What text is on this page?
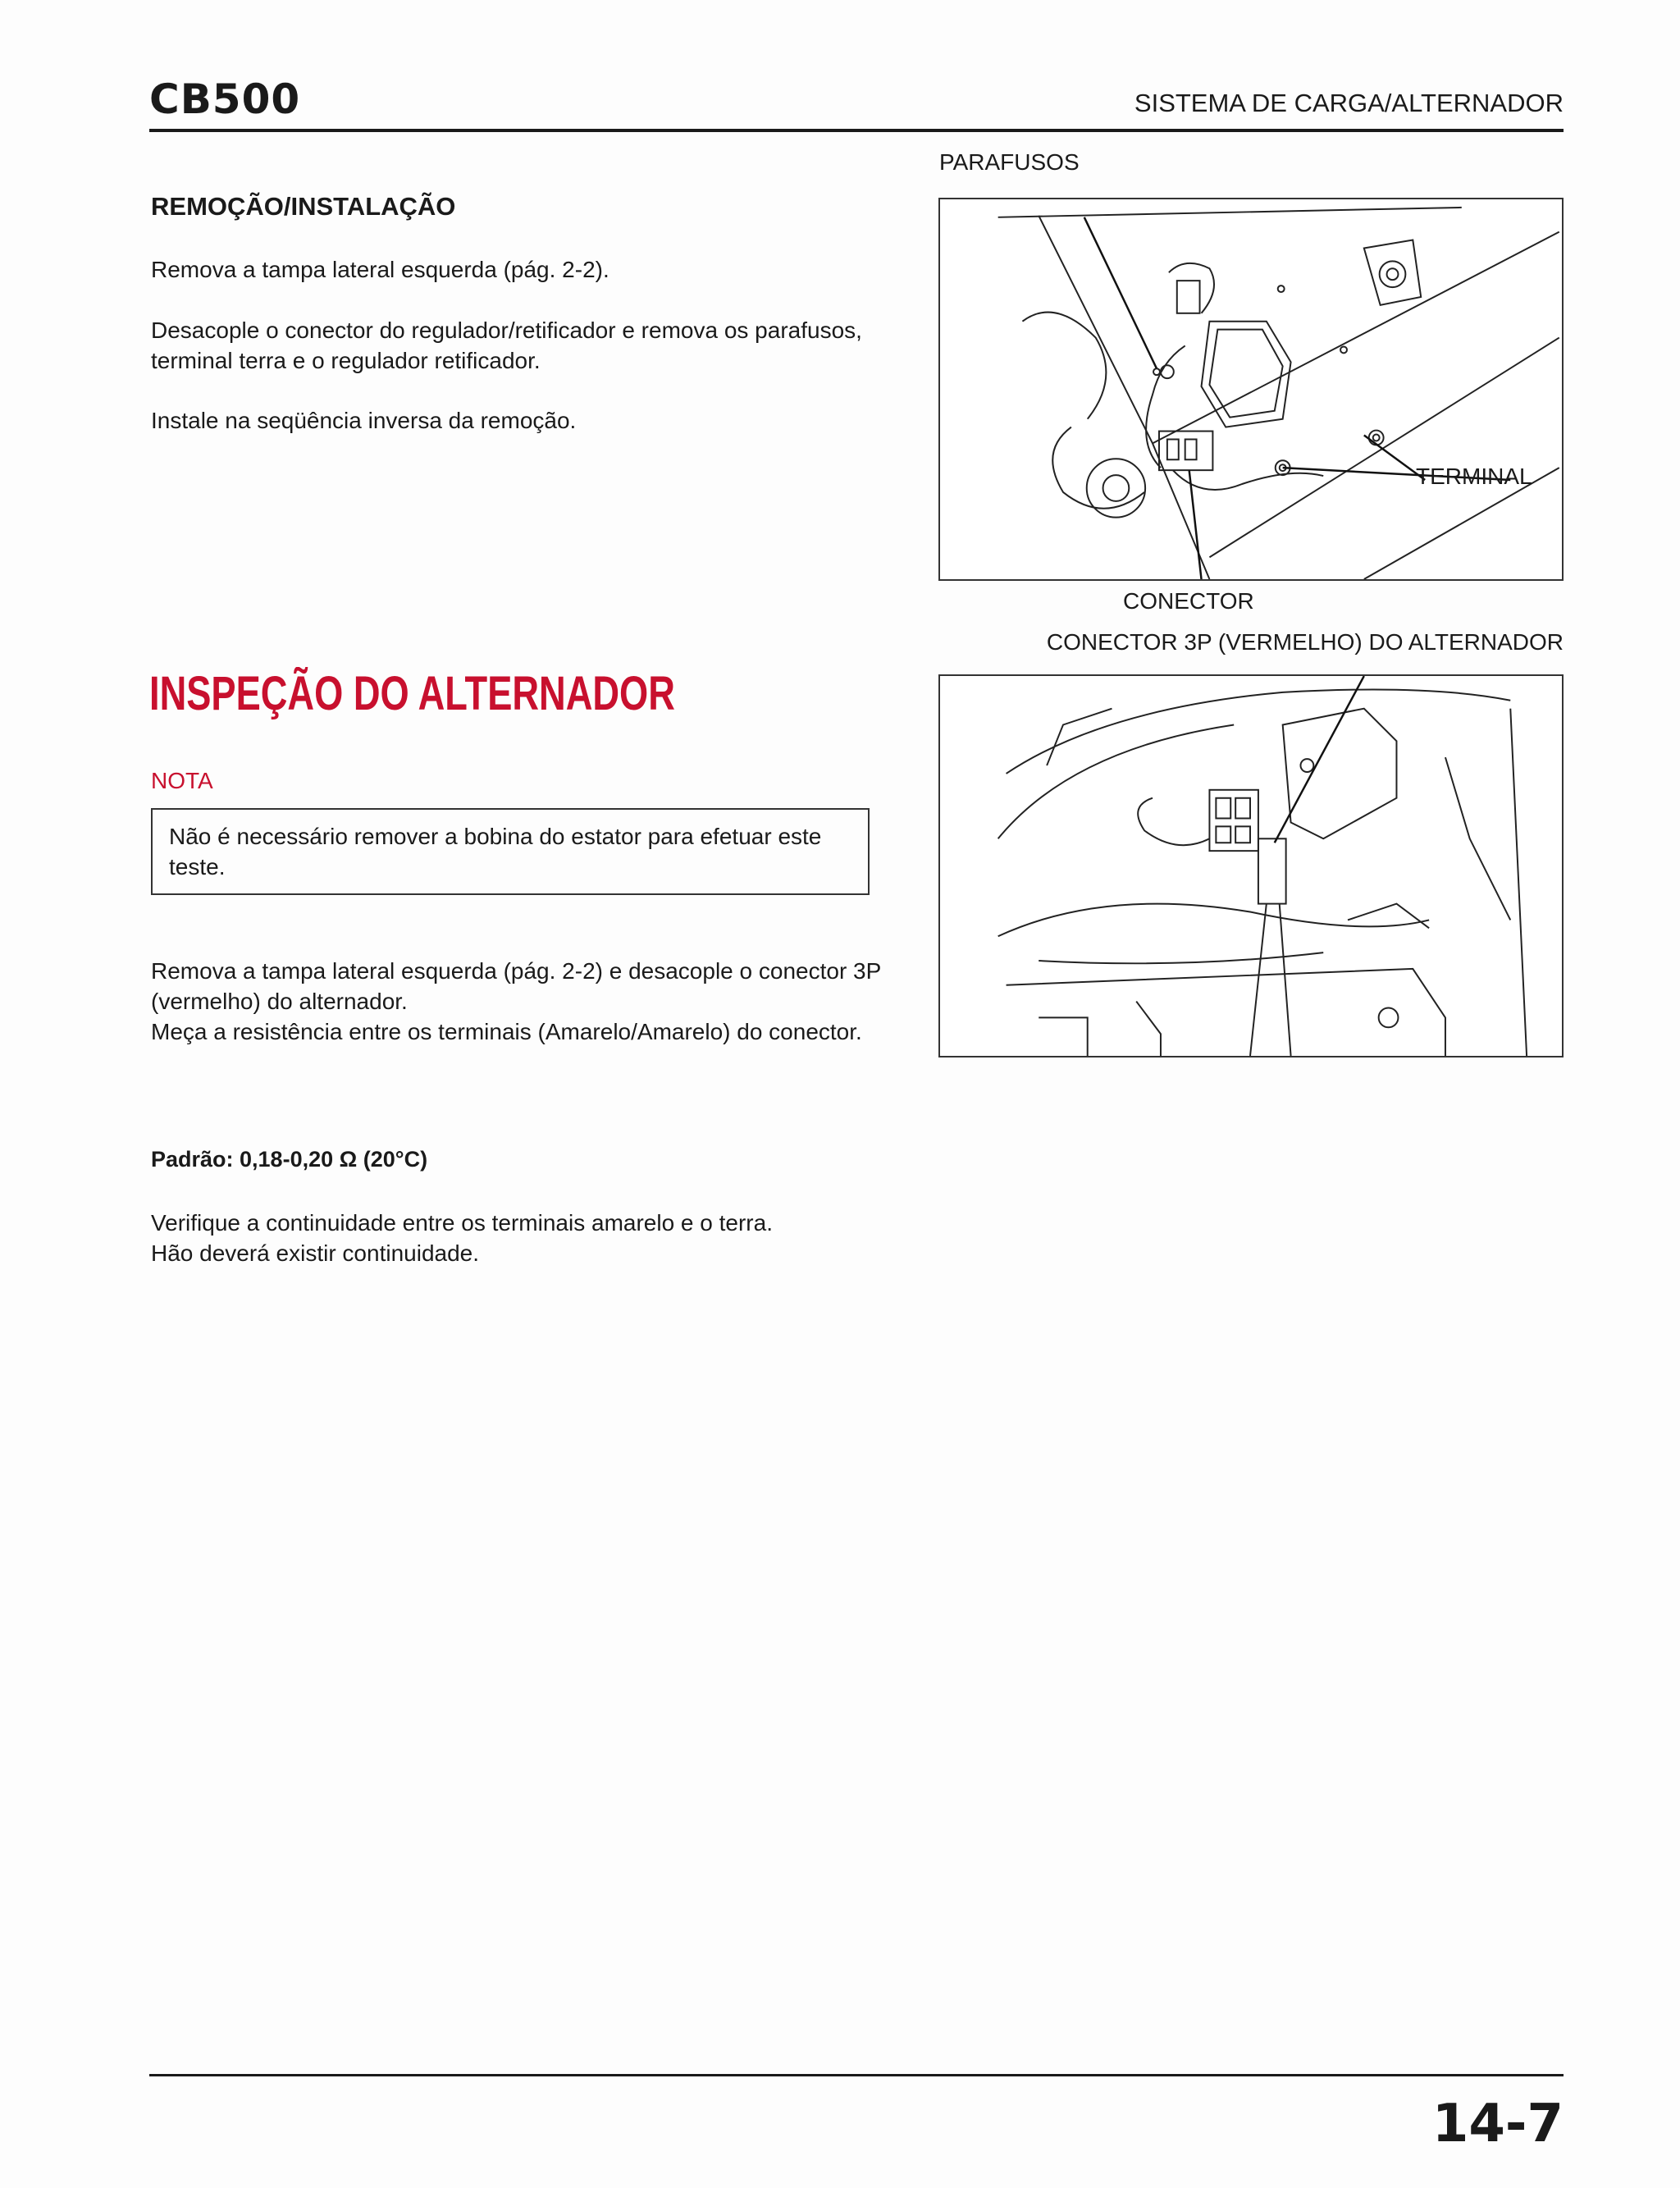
CB500	SISTEMA DE CARGA/ALTERNADOR
REMOÇÃO/INSTALAÇÃO
Remova a tampa lateral esquerda (pág. 2-2).
Desacople o conector do regulador/retificador e remova os parafusos, terminal terra e o regulador retificador.
Instale na seqüência inversa da remoção.
PARAFUSOS
TERMINAL
CONECTOR
INSPEÇÃO DO ALTERNADOR
NOTA
Não é necessário remover a bobina do estator para efetuar este teste.
Remova a tampa lateral esquerda (pág. 2-2) e desacople o conector 3P (vermelho) do alternador.
Meça a resistência entre os terminais (Amarelo/Amarelo) do conector.
Padrão: 0,18-0,20 Ω (20°C)
Verifique a continuidade entre os terminais amarelo e o terra.
Hão deverá existir continuidade.
CONECTOR 3P (VERMELHO) DO ALTERNADOR
14-7
